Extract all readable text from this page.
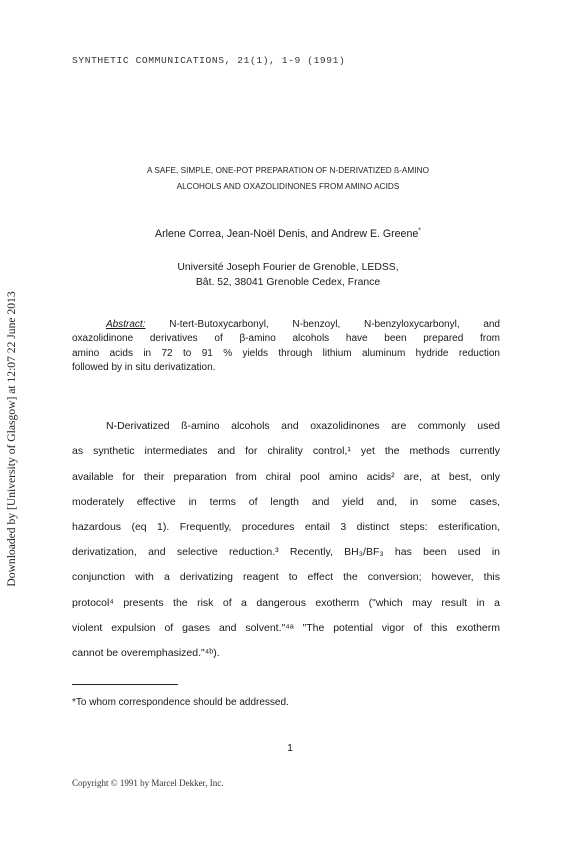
Downloaded by [University of Glasgow] at 12:07 22 June 2013
SYNTHETIC COMMUNICATIONS, 21(1), 1-9 (1991)
A SAFE, SIMPLE, ONE-POT PREPARATION OF N-DERIVATIZED ß-AMINO
ALCOHOLS AND OXAZOLIDINONES FROM AMINO ACIDS
Arlene Correa, Jean-Noël Denis, and Andrew E. Greene*
Université Joseph Fourier de Grenoble, LEDSS,
Bât. 52, 38041 Grenoble Cedex, France
Abstract: N-tert-Butoxycarbonyl, N-benzoyl, N-benzyloxycarbonyl, and
oxazolidinone derivatives of β-amino alcohols have been prepared from
amino acids in 72 to 91 % yields through lithium aluminum hydride reduction
followed by in situ derivatization.
N-Derivatized ß-amino alcohols and oxazolidinones are commonly used
as synthetic intermediates and for chirality control,¹ yet the methods currently
available for their preparation from chiral pool amino acids² are, at best, only
moderately effective in terms of length and yield and, in some cases,
hazardous (eq 1). Frequently, procedures entail 3 distinct steps: esterification,
derivatization, and selective reduction.³ Recently, BH₃/BF₃ has been used in
conjunction with a derivatizing reagent to effect the conversion; however, this
protocol⁴ presents the risk of a dangerous exotherm ("which may result in a
violent expulsion of gases and solvent."⁴ᵃ "The potential vigor of this exotherm
cannot be overemphasized."⁴ᵇ).
*To whom correspondence should be addressed.
1
Copyright © 1991 by Marcel Dekker, Inc.
